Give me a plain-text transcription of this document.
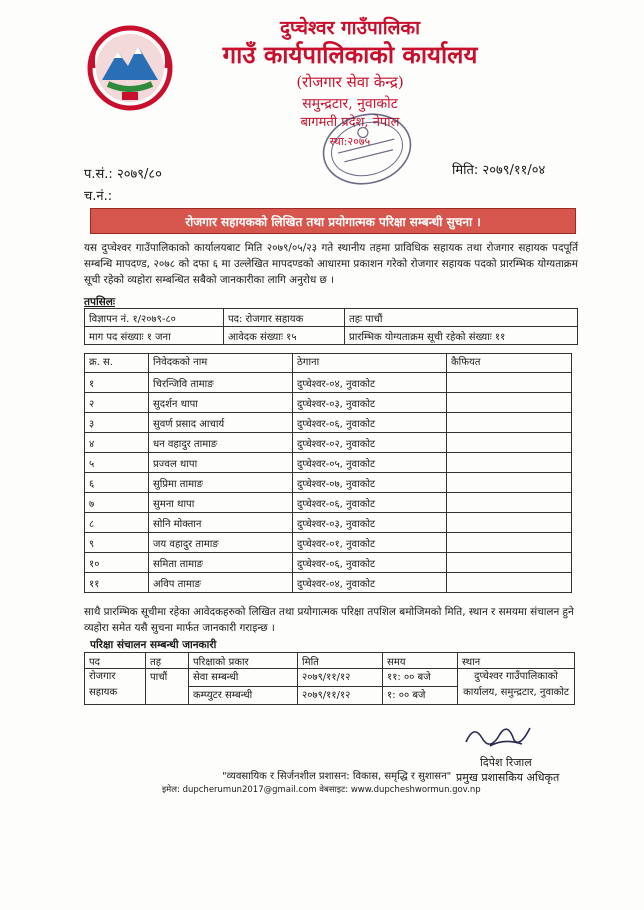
दुप्चेश्वर गाउँपालिका
गाउँ कार्यपालिकाको कार्यालय
(रोजगार सेवा केन्द्र)
समुन्द्रटार, नुवाकोट
बागमती प्रदेश, नेपाल
स्था:२०७५
प.सं.: २०७९/८०
च.नं.:
मिति: २०७९/११/०४
रोजगार सहायकको लिखित तथा प्रयोगात्मक परिक्षा सम्बन्धी सुचना ।
यस दुप्चेश्वर गाउँपालिकाको कार्यालयबाट मिति २०७९/०५/२३ गते स्थानीय तहमा प्राविधिक सहायक तथा रोजगार सहायक पदपूर्ति सम्बन्धि मापदण्ड, २०७८ को दफा ६ मा उल्लेखित मापदण्डको आधारमा प्रकाशन गरेको रोजगार सहायक पदको प्रारम्भिक योग्यताक्रम सूची रहेको व्यहोरा सम्बन्धित सबैको जानकारीका लागि अनुरोध छ ।
तपसिलः
विज्ञापन नं. १/२०७९-८०	पद: रोजगार सहायक	तहः पाचौं
माग पद संख्याः १ जना	आवेदक संख्याः १५	प्रारम्भिक योग्यताक्रम सूची रहेको संख्याः ११
क्र. स.	निवेदकको नाम	ठेगाना	कैफियत
१	चिरन्जिवि तामाङ	दुप्चेश्वर-०४, नुवाकोट	
२	सुदर्शन थापा	दुप्चेश्वर-०३, नुवाकोट	
३	सुवर्ण प्रसाद आचार्य	दुप्चेश्वर-०६, नुवाकोट	
४	धन वहादुर तामाङ	दुप्चेश्वर-०२, नुवाकोट	
५	प्रज्वल थापा	दुप्चेश्वर-०५, नुवाकोट	
६	सुप्रिमा तामाङ	दुप्चेश्वर-०७, नुवाकोट	
७	सुमना थापा	दुप्चेश्वर-०६, नुवाकोट	
८	सोनि मोक्तान	दुप्चेश्वर-०३, नुवाकोट	
९	जय वहादुर तामाङ	दुप्चेश्वर-०१, नुवाकोट	
१०	समिता तामाङ	दुप्चेश्वर-०६, नुवाकोट	
११	अविप तामाङ	दुप्चेश्वर-०४, नुवाकोट	
साथै प्रारम्भिक सूचीमा रहेका आवेदकहरुको लिखित तथा प्रयोगात्मक परिक्षा तपशिल बमोजिमको मिति, स्थान र समयमा संचालन हुने व्यहोरा समेत यसै सुचना मार्फत जानकारी गराइन्छ ।
परिक्षा संचालन सम्बन्धी जानकारी
पद	तह	परिक्षाको प्रकार	मिति	समय	स्थान
रोजगार सहायक	पाचौं	सेवा सम्बन्धी	२०७९/११/१२	११: ०० बजे	दुप्चेश्वर गाउँपालिकाको कार्यालय, समुन्द्रटार, नुवाकोट
		कम्प्युटर सम्बन्धी	२०७९/११/१२	१: ०० बजे	
दिपेश रिजाल
प्रमुख प्रशासकिय अधिकृत
"व्यवसायिक र सिर्जनशील प्रशासन: विकास, समृद्धि र सुशासन"
इमेल: dupcherumun2017@gmail.com वेबसाइट: www.dupcheshwormun.gov.np
